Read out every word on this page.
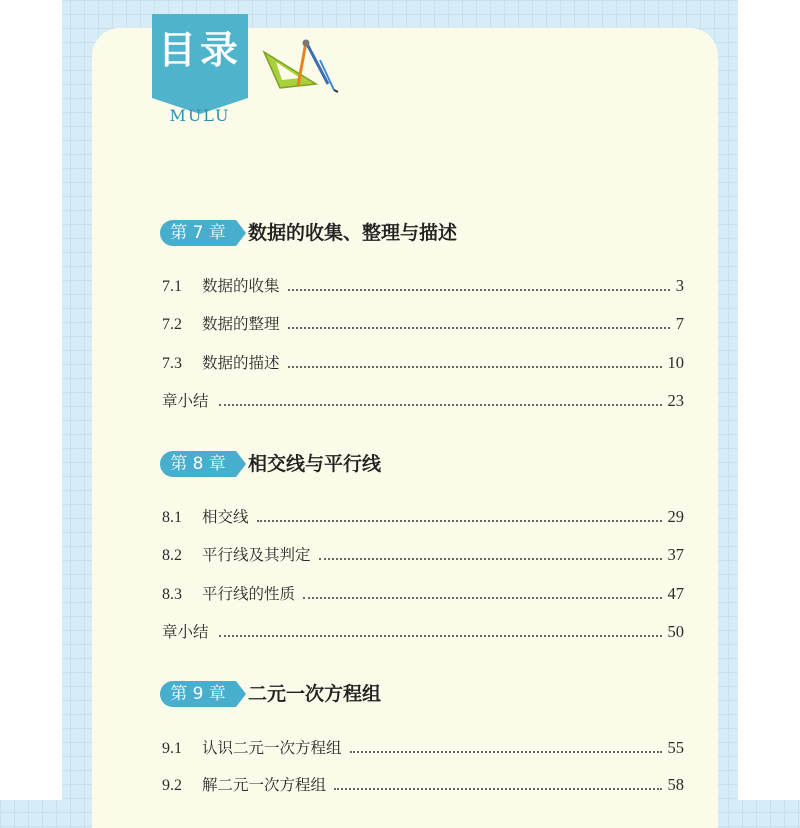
目录
MULU
第 7 章	数据的收集、整理与描述
7.1	数据的收集	3
7.2	数据的整理	7
7.3	数据的描述	10
章小结	23
第 8 章	相交线与平行线
8.1	相交线	29
8.2	平行线及其判定	37
8.3	平行线的性质	47
章小结	50
第 9 章	二元一次方程组
9.1	认识二元一次方程组	55
9.2	解二元一次方程组	58
